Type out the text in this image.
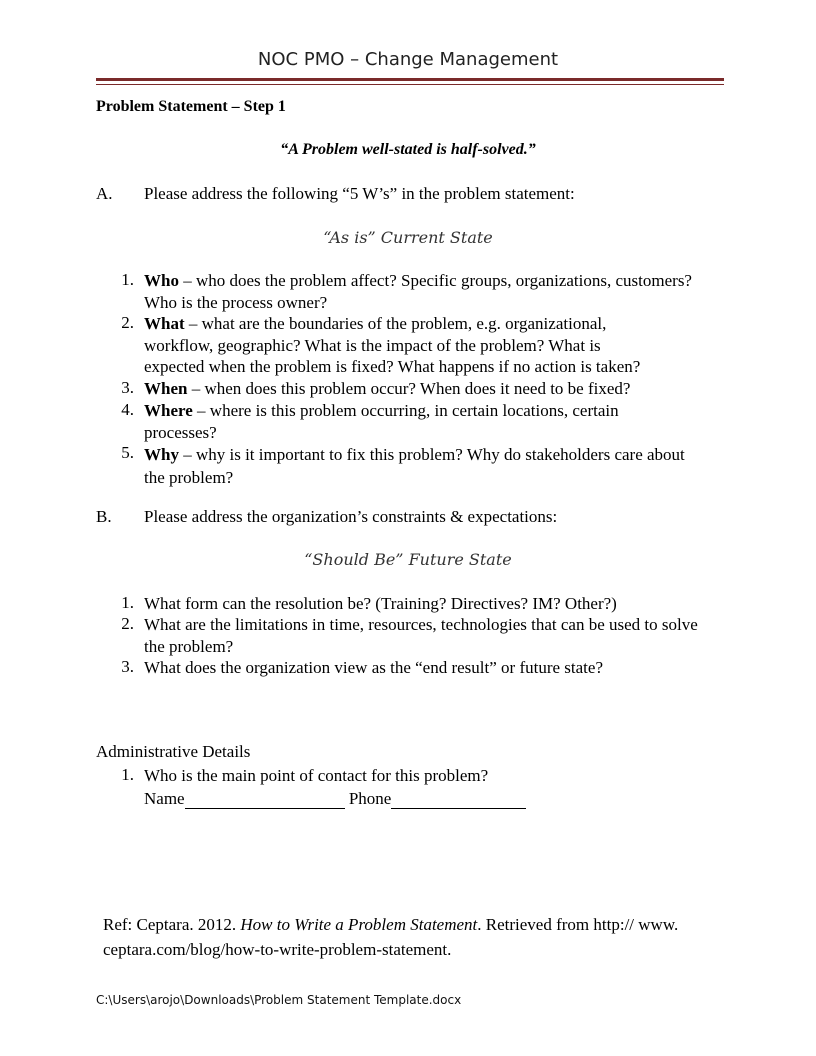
NOC PMO – Change Management
Problem Statement – Step 1
“A Problem well-stated is half-solved.”
A. Please address the following “5 W’s” in the problem statement:
“As is” Current State
1. Who – who does the problem affect? Specific groups, organizations, customers? Who is the process owner?
2. What – what are the boundaries of the problem, e.g. organizational, workflow, geographic? What is the impact of the problem? What is expected when the problem is fixed? What happens if no action is taken?
3. When – when does this problem occur? When does it need to be fixed?
4. Where – where is this problem occurring, in certain locations, certain processes?
5. Why – why is it important to fix this problem? Why do stakeholders care about the problem?
B. Please address the organization’s constraints & expectations:
“Should Be” Future State
1. What form can the resolution be? (Training? Directives? IM? Other?)
2. What are the limitations in time, resources, technologies that can be used to solve the problem?
3. What does the organization view as the “end result” or future state?
Administrative Details
1. Who is the main point of contact for this problem?
Name	Phone
Ref: Ceptara. 2012. How to Write a Problem Statement. Retrieved from http:// www. ceptara.com/blog/how-to-write-problem-statement.
C:\Users\arojo\Downloads\Problem Statement Template.docx
